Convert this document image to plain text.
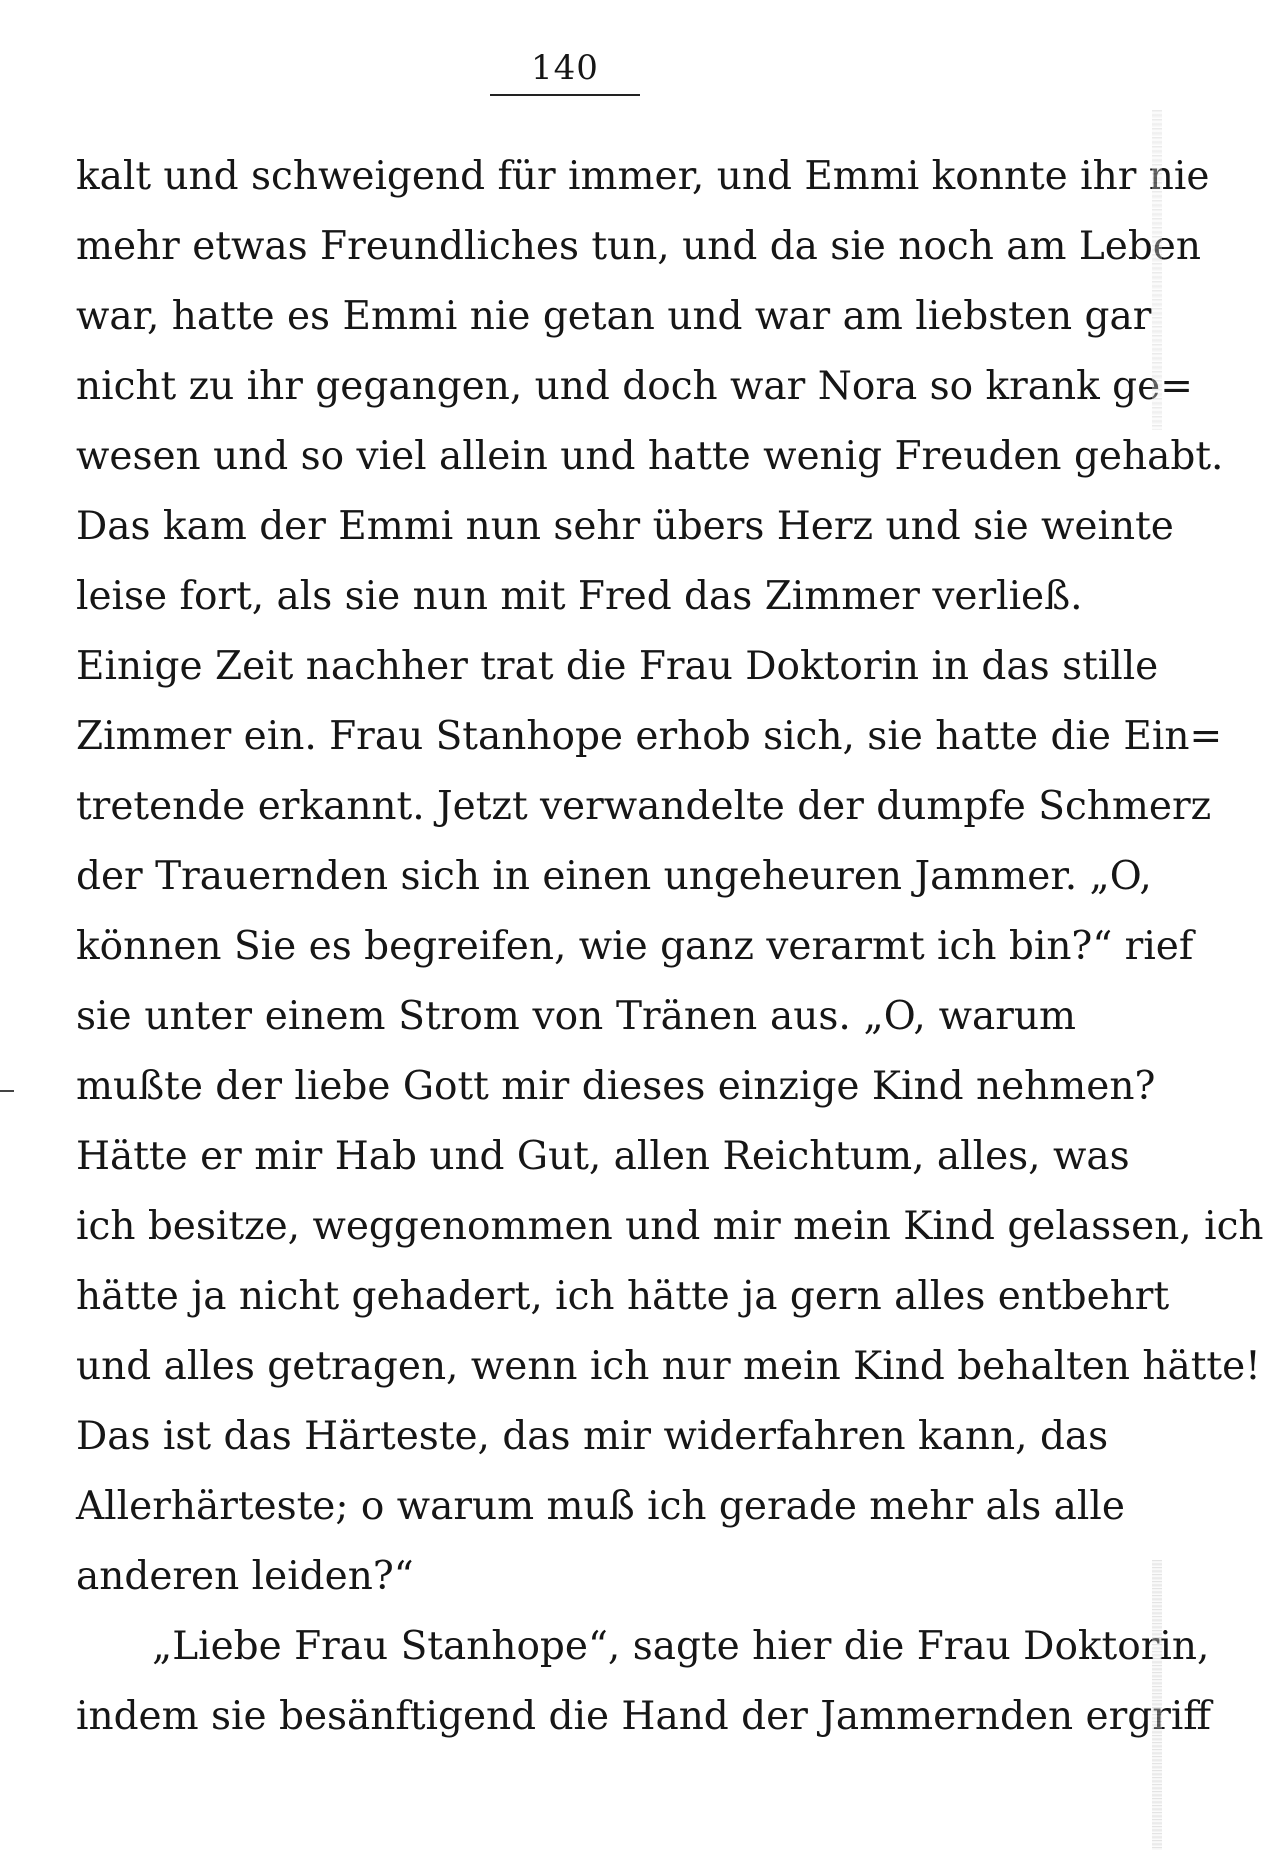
140
kalt und schweigend für immer, und Emmi konnte ihr nie
mehr etwas Freundliches tun, und da sie noch am Leben
war, hatte es Emmi nie getan und war am liebsten gar
nicht zu ihr gegangen, und doch war Nora so krank ge=
wesen und so viel allein und hatte wenig Freuden gehabt.
Das kam der Emmi nun sehr übers Herz und sie weinte
leise fort, als sie nun mit Fred das Zimmer verließ.
Einige Zeit nachher trat die Frau Doktorin in das stille
Zimmer ein. Frau Stanhope erhob sich, sie hatte die Ein=
tretende erkannt. Jetzt verwandelte der dumpfe Schmerz
der Trauernden sich in einen ungeheuren Jammer. „O,
können Sie es begreifen, wie ganz verarmt ich bin?“ rief
sie unter einem Strom von Tränen aus. „O, warum
mußte der liebe Gott mir dieses einzige Kind nehmen?
Hätte er mir Hab und Gut, allen Reichtum, alles, was
ich besitze, weggenommen und mir mein Kind gelassen, ich
hätte ja nicht gehadert, ich hätte ja gern alles entbehrt
und alles getragen, wenn ich nur mein Kind behalten hätte!
Das ist das Härteste, das mir widerfahren kann, das
Allerhärteste; o warum muß ich gerade mehr als alle
anderen leiden?“
„Liebe Frau Stanhope“, sagte hier die Frau Doktorin,
indem sie besänftigend die Hand der Jammernden ergriff
